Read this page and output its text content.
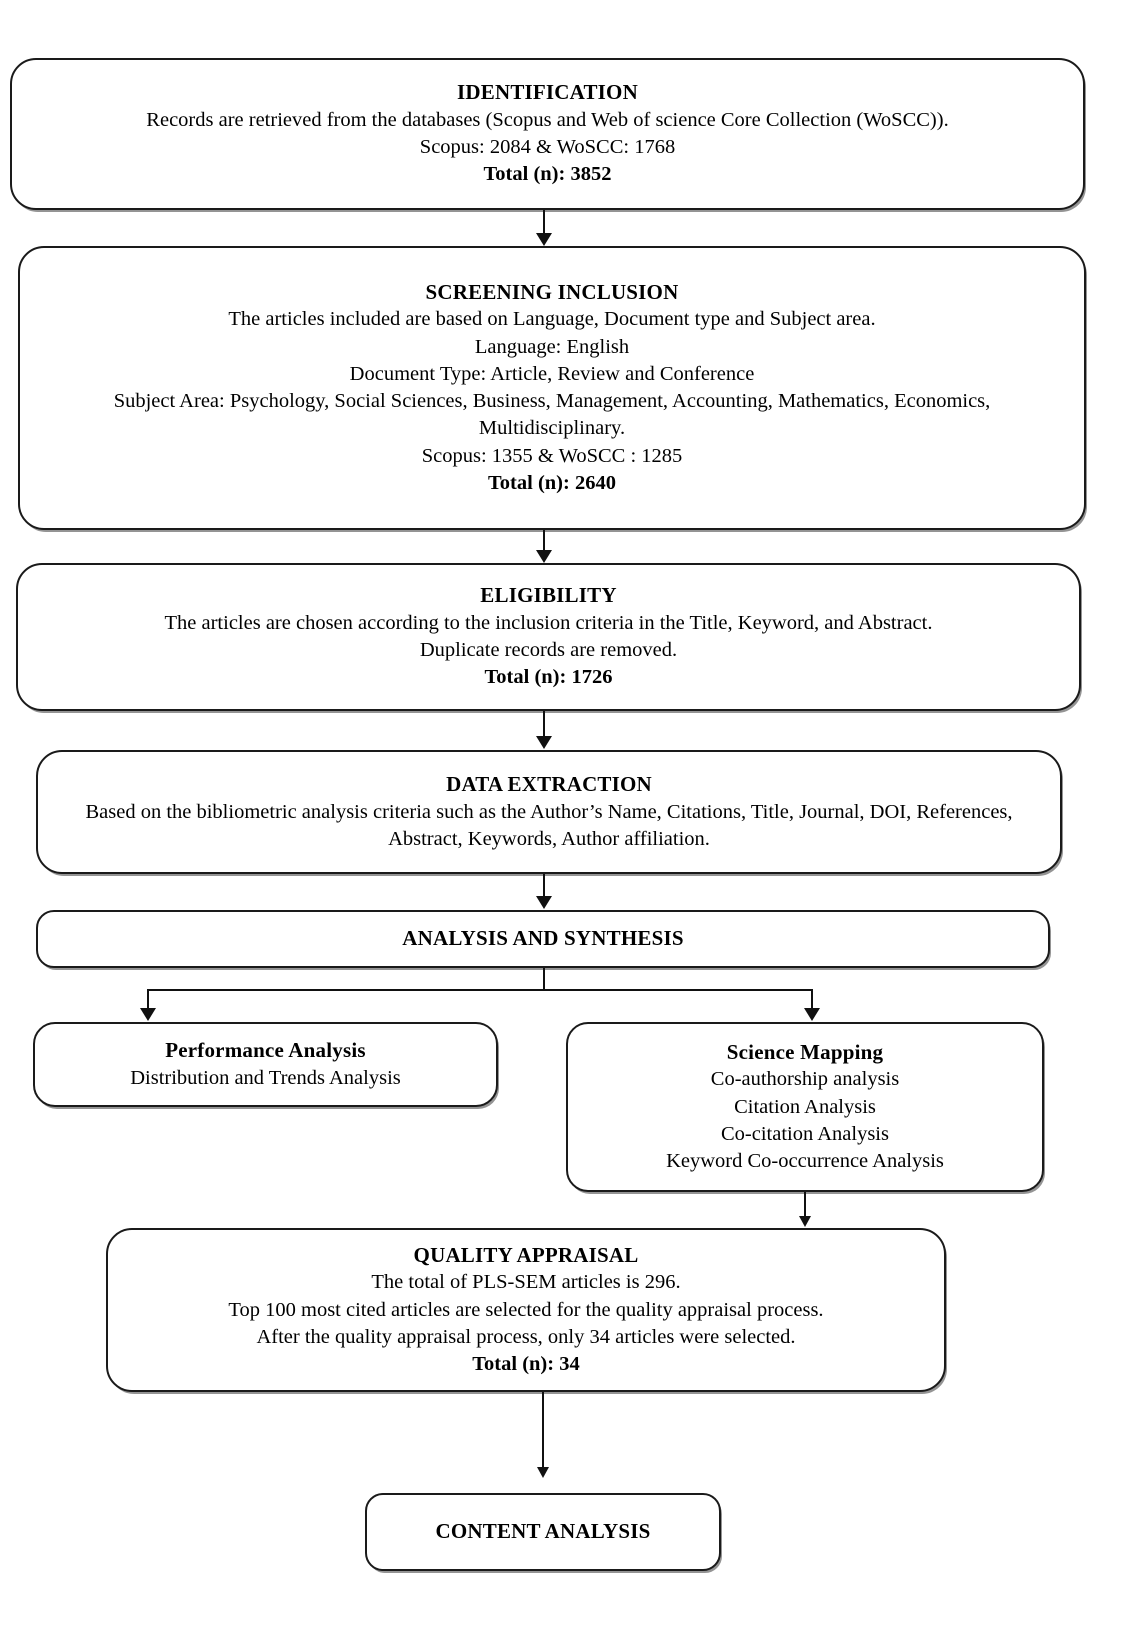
IDENTIFICATION
Records are retrieved from the databases (Scopus and Web of science Core Collection (WoSCC)).
Scopus: 2084 & WoSCC: 1768
Total (n): 3852
SCREENING INCLUSION
The articles included are based on Language, Document type and Subject area.
Language: English
Document Type: Article, Review and Conference
Subject Area: Psychology, Social Sciences, Business, Management, Accounting, Mathematics, Economics, Multidisciplinary.
Scopus: 1355 & WoSCC : 1285
Total (n): 2640
ELIGIBILITY
The articles are chosen according to the inclusion criteria in the Title, Keyword, and Abstract.
Duplicate records are removed.
Total (n): 1726
DATA EXTRACTION
Based on the bibliometric analysis criteria such as the Author’s Name, Citations, Title, Journal, DOI, References, Abstract, Keywords, Author affiliation.
ANALYSIS AND SYNTHESIS
Performance Analysis
Distribution and Trends Analysis
Science Mapping
Co-authorship analysis
Citation Analysis
Co-citation Analysis
Keyword Co-occurrence Analysis
QUALITY APPRAISAL
The total of PLS-SEM articles is 296.
Top 100 most cited articles are selected for the quality appraisal process.
After the quality appraisal process, only 34 articles were selected.
Total (n): 34
CONTENT ANALYSIS
